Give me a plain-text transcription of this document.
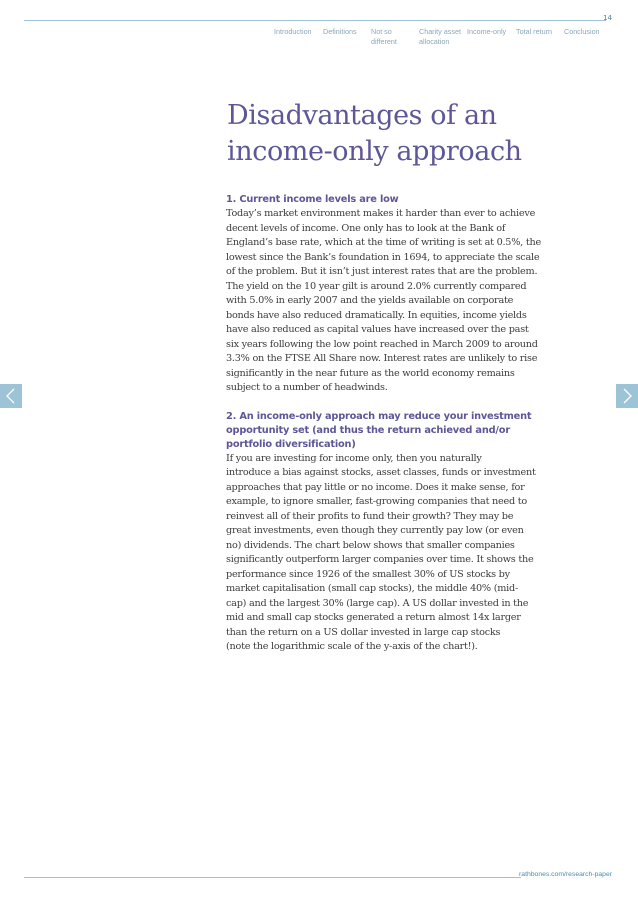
14
Introduction Definitions Not so
different
Charity asset
allocation
Income-only Total return Conclusion
Disadvantages of an
income-only approach
1. Current income levels are low
Today’s market environment makes it harder than ever to achieve
decent levels of income. One only has to look at the Bank of
England’s base rate, which at the time of writing is set at 0.5%, the
lowest since the Bank’s foundation in 1694, to appreciate the scale
of the problem. But it isn’t just interest rates that are the problem.
The yield on the 10 year gilt is around 2.0% currently compared
with 5.0% in early 2007 and the yields available on corporate
bonds have also reduced dramatically. In equities, income yields
have also reduced as capital values have increased over the past
six years following the low point reached in March 2009 to around
3.3% on the FTSE All Share now. Interest rates are unlikely to rise
significantly in the near future as the world economy remains
subject to a number of headwinds.
2. An income-only approach may reduce your investment
opportunity set (and thus the return achieved and/or
portfolio diversification)
If you are investing for income only, then you naturally
introduce a bias against stocks, asset classes, funds or investment
approaches that pay little or no income. Does it make sense, for
example, to ignore smaller, fast-growing companies that need to
reinvest all of their profits to fund their growth? They may be
great investments, even though they currently pay low (or even
no) dividends. The chart below shows that smaller companies
significantly outperform larger companies over time. It shows the
performance since 1926 of the smallest 30% of US stocks by
market capitalisation (small cap stocks), the middle 40% (mid-
cap) and the largest 30% (large cap). A US dollar invested in the
mid and small cap stocks generated a return almost 14x larger
than the return on a US dollar invested in large cap stocks
(note the logarithmic scale of the y-axis of the chart!).
rathbones.com/research-paper
